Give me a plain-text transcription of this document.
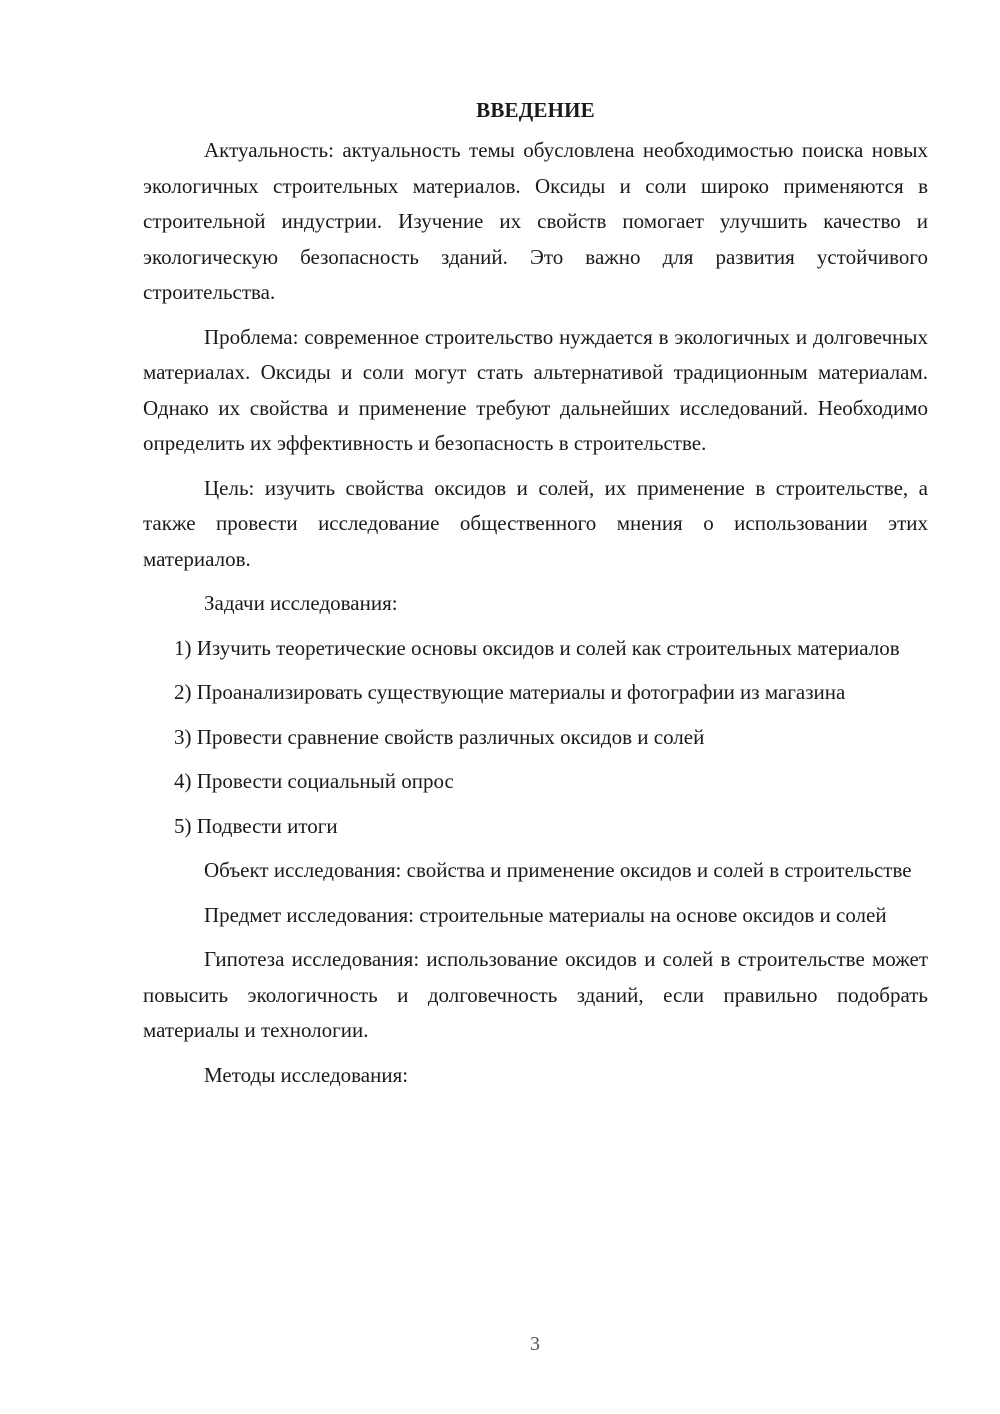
ВВЕДЕНИЕ

Актуальность: актуальность темы обусловлена необходимостью поиска новых экологичных строительных материалов. Оксиды и соли широко применяются в строительной индустрии. Изучение их свойств помогает улучшить качество и экологическую безопасность зданий. Это важно для развития устойчивого строительства.

Проблема: современное строительство нуждается в экологичных и долговечных материалах. Оксиды и соли могут стать альтернативой традиционным материалам. Однако их свойства и применение требуют дальнейших исследований. Необходимо определить их эффективность и безопасность в строительстве.

Цель: изучить свойства оксидов и солей, их применение в строительстве, а также провести исследование общественного мнения о использовании этих материалов.

Задачи исследования:

1) Изучить теоретические основы оксидов и солей как строительных материалов

2) Проанализировать существующие материалы и фотографии из магазина

3) Провести сравнение свойств различных оксидов и солей

4) Провести социальный опрос

5) Подвести итоги

Объект исследования: свойства и применение оксидов и солей в строительстве

Предмет исследования: строительные материалы на основе оксидов и солей

Гипотеза исследования: использование оксидов и солей в строительстве может повысить экологичность и долговечность зданий, если правильно подобрать материалы и технологии.

Методы исследования:

3
